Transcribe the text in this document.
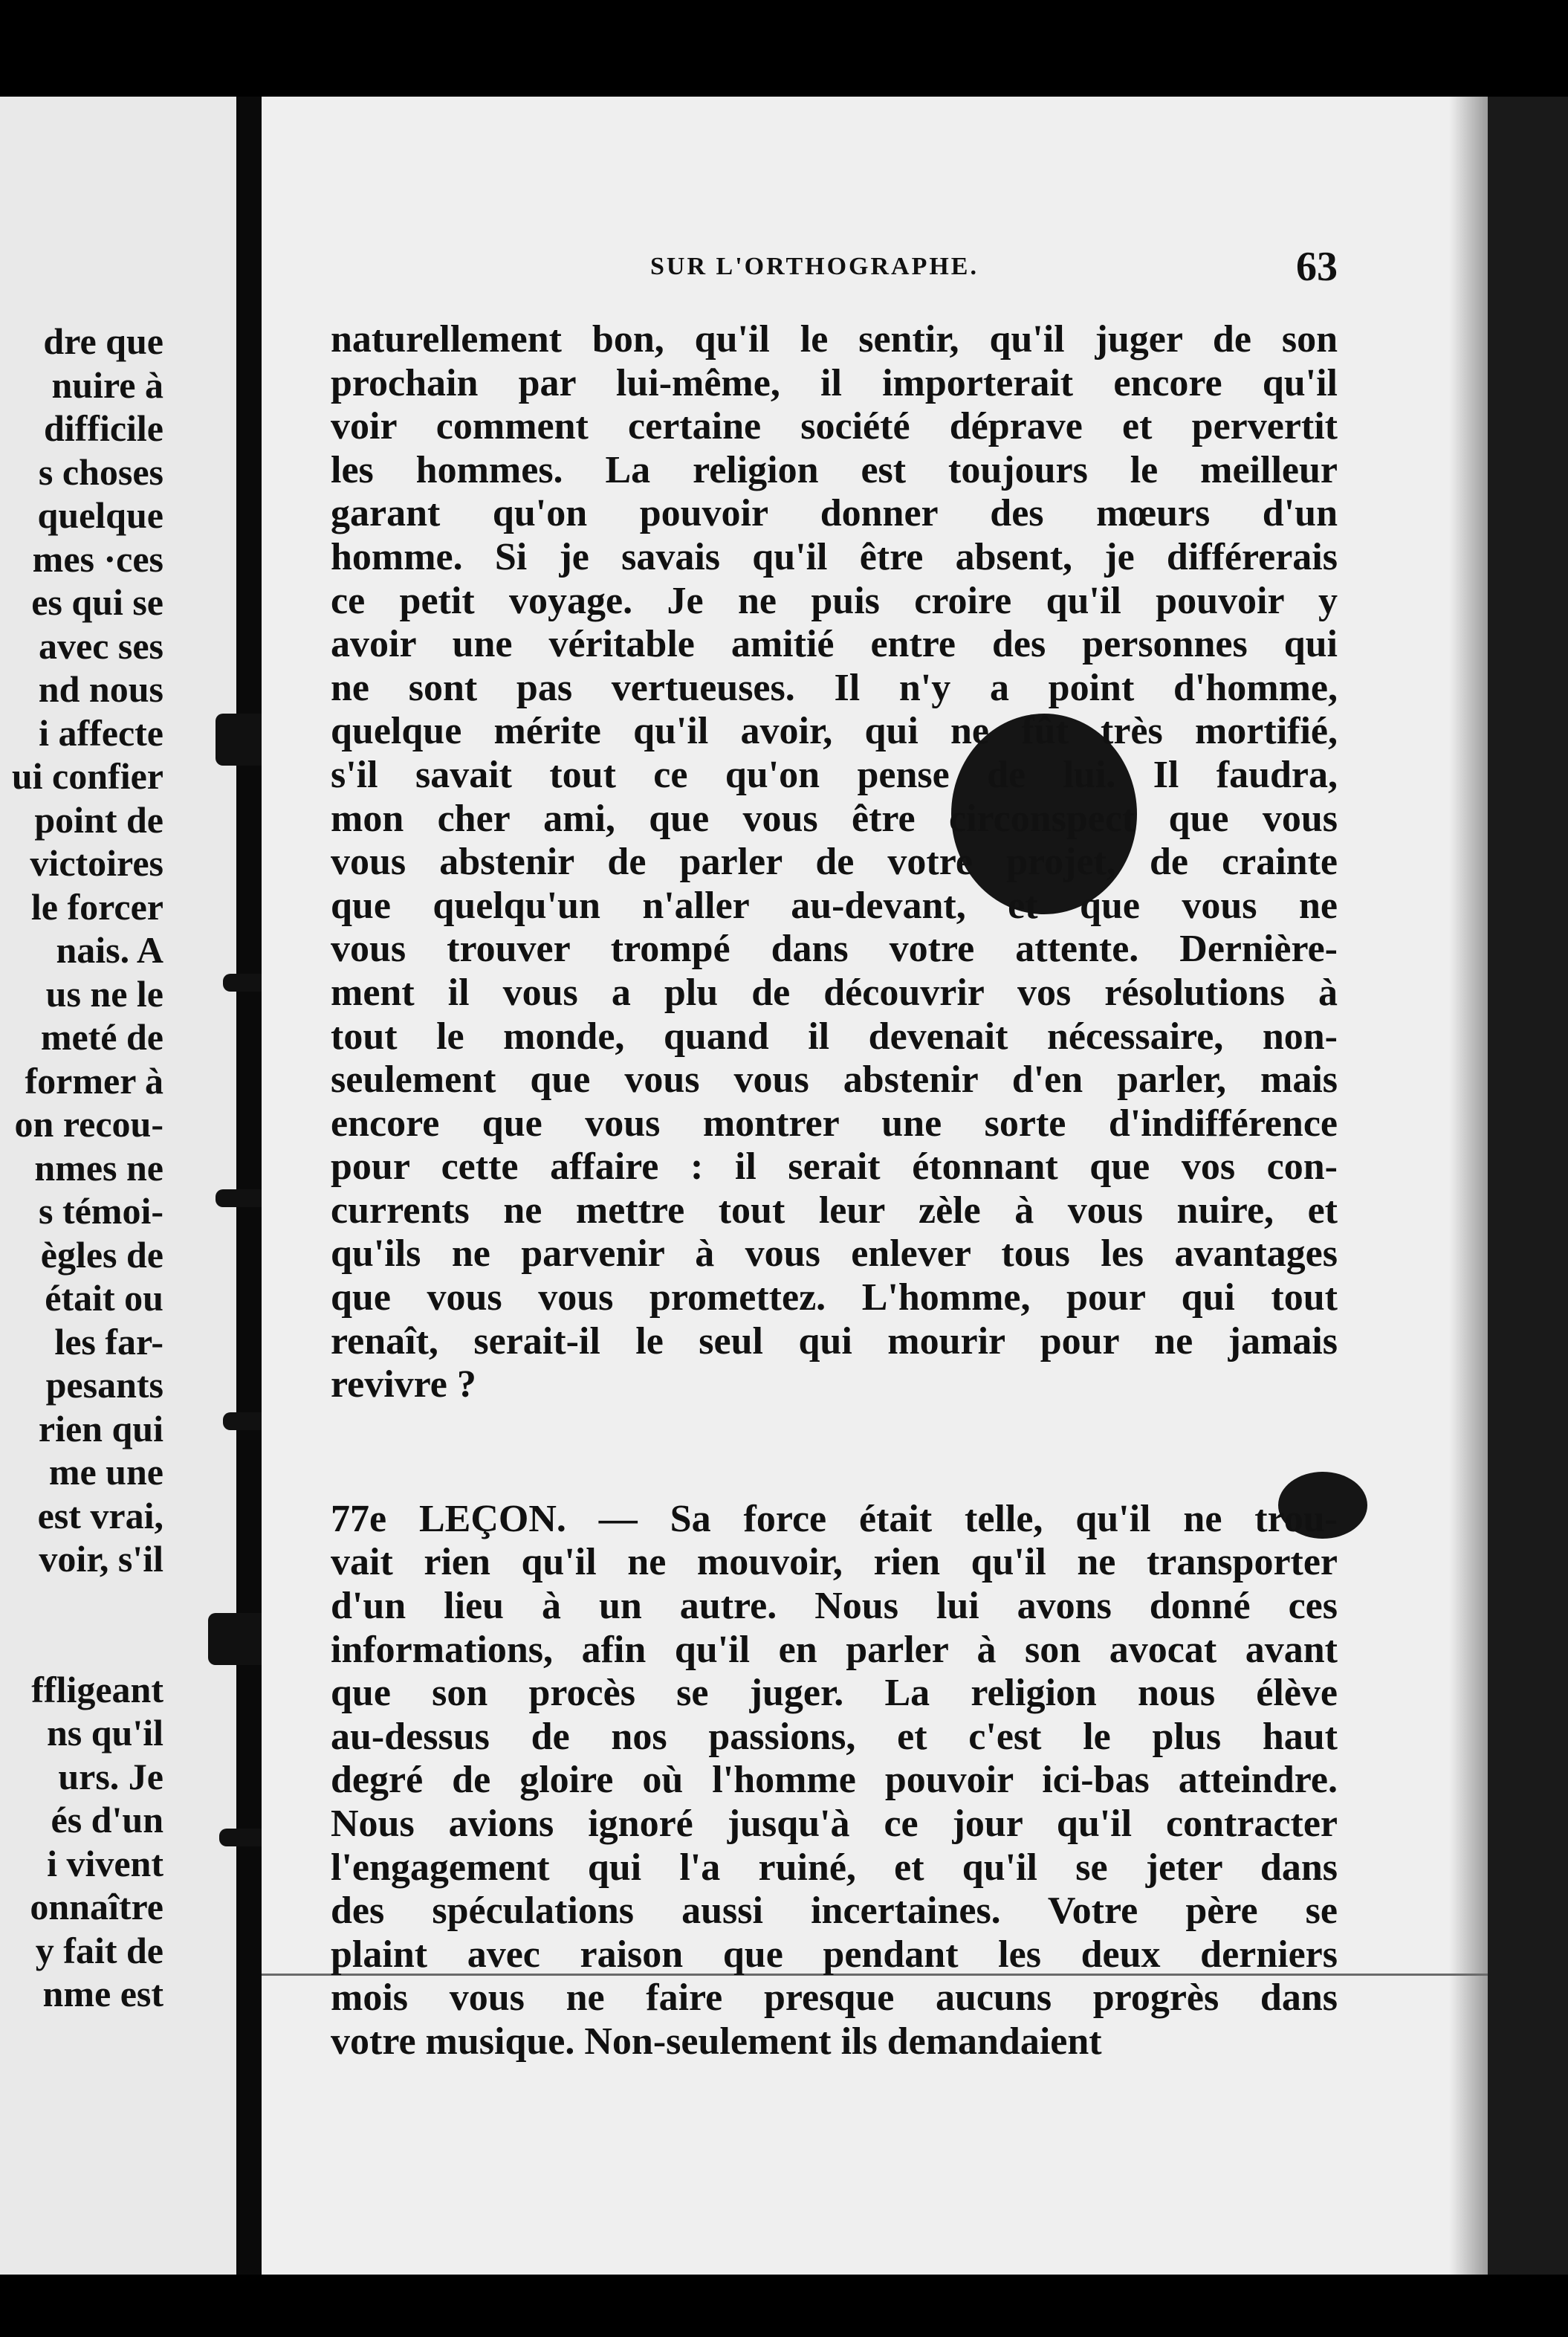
dre que
nuire à
difficile
s choses
quelque
mes ·ces
es qui se
avec ses
nd nous
i affecte
ui confier
point de
victoires
le forcer
nais. A
us ne le
meté de
former à
on recou-
nmes ne
s témoi-
ègles de
était ou
les far-
pesants
rien qui
me une
est vrai,
voir, s'il
ffligeant
ns qu'il
urs. Je
és d'un
i vivent
onnaître
y fait de
nme est
SUR L'ORTHOGRAPHE.	63
naturellement bon, qu'il le sentir, qu'il juger de son
prochain par lui-même, il importerait encore qu'il
voir comment certaine société déprave et pervertit
les hommes. La religion est toujours le meilleur
garant qu'on pouvoir donner des mœurs d'un
homme. Si je savais qu'il être absent, je différerais
ce petit voyage. Je ne puis croire qu'il pouvoir y
avoir une véritable amitié entre des personnes qui
ne sont pas vertueuses. Il n'y a point d'homme,
quelque mérite qu'il avoir, qui ne fût très mortifié,
s'il savait tout ce qu'on pense de lui. Il faudra,
mon cher ami, que vous être circonspect que vous
vous abstenir de parler de votre projet, de crainte
que quelqu'un n'aller au-devant, et que vous ne
vous trouver trompé dans votre attente. Dernière-
ment il vous a plu de découvrir vos résolutions à
tout le monde, quand il devenait nécessaire, non-
seulement que vous vous abstenir d'en parler, mais
encore que vous montrer une sorte d'indifférence
pour cette affaire : il serait étonnant que vos con-
currents ne mettre tout leur zèle à vous nuire, et
qu'ils ne parvenir à vous enlever tous les avantages
que vous vous promettez. L'homme, pour qui tout
renaît, serait-il le seul qui mourir pour ne jamais
revivre ?
77e LEÇON. — Sa force était telle, qu'il ne trou-
vait rien qu'il ne mouvoir, rien qu'il ne transporter
d'un lieu à un autre. Nous lui avons donné ces
informations, afin qu'il en parler à son avocat avant
que son procès se juger. La religion nous élève
au-dessus de nos passions, et c'est le plus haut
degré de gloire où l'homme pouvoir ici-bas atteindre.
Nous avions ignoré jusqu'à ce jour qu'il contracter
l'engagement qui l'a ruiné, et qu'il se jeter dans
des spéculations aussi incertaines. Votre père se
plaint avec raison que pendant les deux derniers
mois vous ne faire presque aucuns progrès dans
votre musique. Non-seulement ils demandaient
